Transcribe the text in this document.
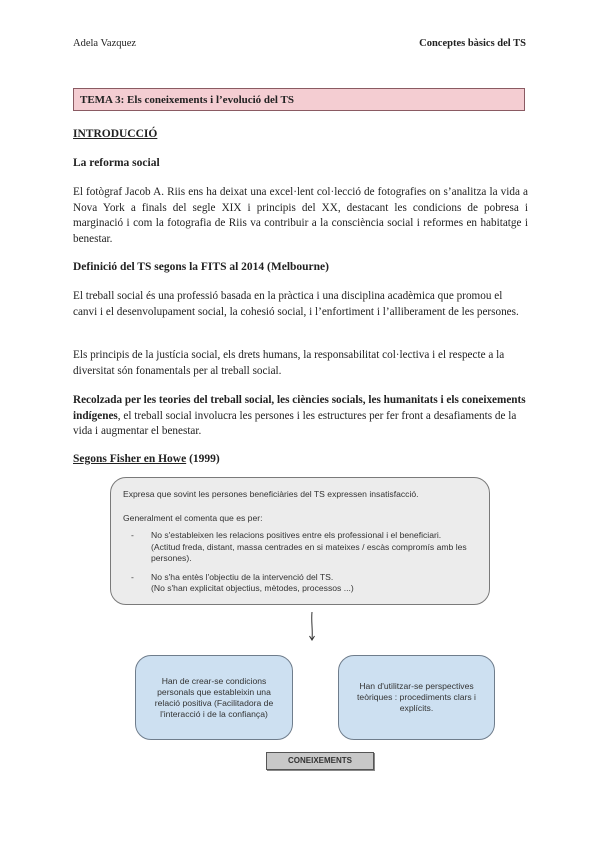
Adela Vazquez	Conceptes bàsics del TS
TEMA 3: Els coneixements i l’evolució del TS
INTRODUCCIÓ
La reforma social
El fotògraf Jacob A. Riis ens ha deixat una excel·lent col·lecció de fotografies on s’analitza la vida a Nova York a finals del segle XIX i principis del XX, destacant les condicions de pobresa i marginació i com la fotografia de Riis va contribuir a la consciència social i reformes en habitatge i benestar.
Definició del TS segons la FITS al 2014 (Melbourne)
El treball social és una professió basada en la pràctica i una disciplina acadèmica que promou el canvi i el desenvolupament social, la cohesió social, i l’enfortiment i l’alliberament de les persones.
Els principis de la justícia social, els drets humans, la responsabilitat col·lectiva i el respecte a la diversitat són fonamentals per al treball social.
Recolzada per les teories del treball social, les ciències socials, les humanitats i els coneixements indígenes, el treball social involucra les persones i les estructures per fer front a desafiaments de la vida i augmentar el benestar.
Segons Fisher en Howe (1999)

Expresa que sovint les persones beneficiàries del TS expressen insatisfacció.

Generalment el comenta que es per:

- No s'estableixen les relacions positives entre els professional i el beneficiari.
(Actitud freda, distant, massa centrades en si mateixes / escàs compromís amb les persones).
- No s'ha entès l'objectiu de la intervenció del TS.
(No s'han explicitat objectius, mètodes, processos ...)
Han de crear-se condicions personals que estableixin una relació positiva (Facilitadora de l'interacció i de la confiança)
Han d'utilitzar-se perspectives teòriques : procediments clars i explícits.
CONEIXEMENTS
